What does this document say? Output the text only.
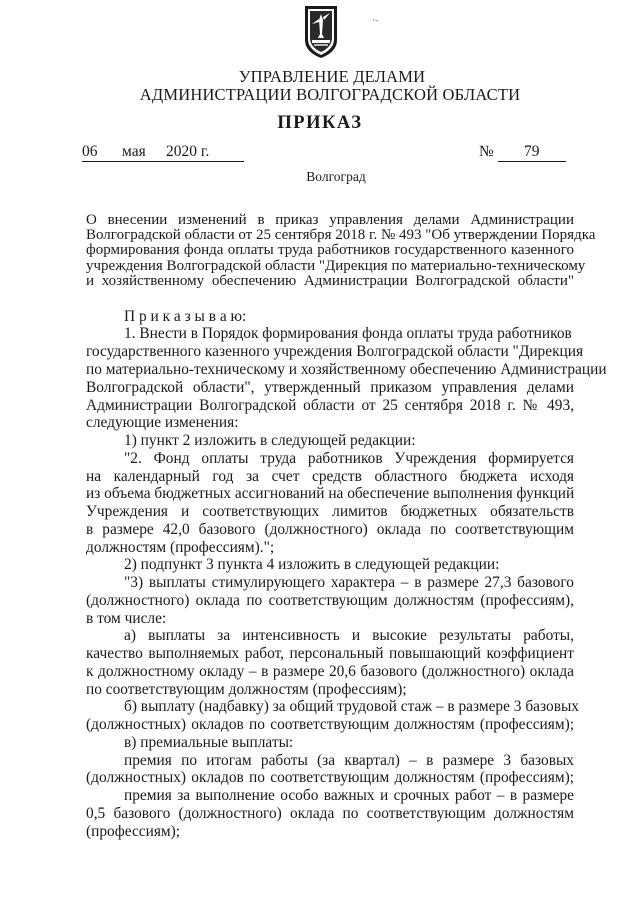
·-
УПРАВЛЕНИЕ ДЕЛАМИ
АДМИНИСТРАЦИИ ВОЛГОГРАДСКОЙ ОБЛАСТИ
ПРИКАЗ
06 мая 2020 г.	№ 79
Волгоград
О внесении изменений в приказ управления делами Администрации
Волгоградской области от 25 сентября 2018 г. № 493 "Об утверждении Порядка
формирования фонда оплаты труда работников государственного казенного
учреждения Волгоградской области "Дирекция по материально-техническому
и хозяйственному обеспечению Администрации Волгоградской области"
П р и к а з ы в а ю:
1. Внести в Порядок формирования фонда оплаты труда работников
государственного казенного учреждения Волгоградской области "Дирекция
по материально-техническому и хозяйственному обеспечению Администрации
Волгоградской области", утвержденный приказом управления делами
Администрации Волгоградской области от 25 сентября 2018 г. № 493,
следующие изменения:
1) пункт 2 изложить в следующей редакции:
"2. Фонд оплаты труда работников Учреждения формируется
на календарный год за счет средств областного бюджета исходя
из объема бюджетных ассигнований на обеспечение выполнения функций
Учреждения и соответствующих лимитов бюджетных обязательств
в размере 42,0 базового (должностного) оклада по соответствующим
должностям (профессиям).";
2) подпункт 3 пункта 4 изложить в следующей редакции:
"3) выплаты стимулирующего характера – в размере 27,3 базового
(должностного) оклада по соответствующим должностям (профессиям),
в том числе:
а) выплаты за интенсивность и высокие результаты работы,
качество выполняемых работ, персональный повышающий коэффициент
к должностному окладу – в размере 20,6 базового (должностного) оклада
по соответствующим должностям (профессиям);
б) выплату (надбавку) за общий трудовой стаж – в размере 3 базовых
(должностных) окладов по соответствующим должностям (профессиям);
в) премиальные выплаты:
премия по итогам работы (за квартал) – в размере 3 базовых
(должностных) окладов по соответствующим должностям (профессиям);
премия за выполнение особо важных и срочных работ – в размере
0,5 базового (должностного) оклада по соответствующим должностям
(профессиям);
